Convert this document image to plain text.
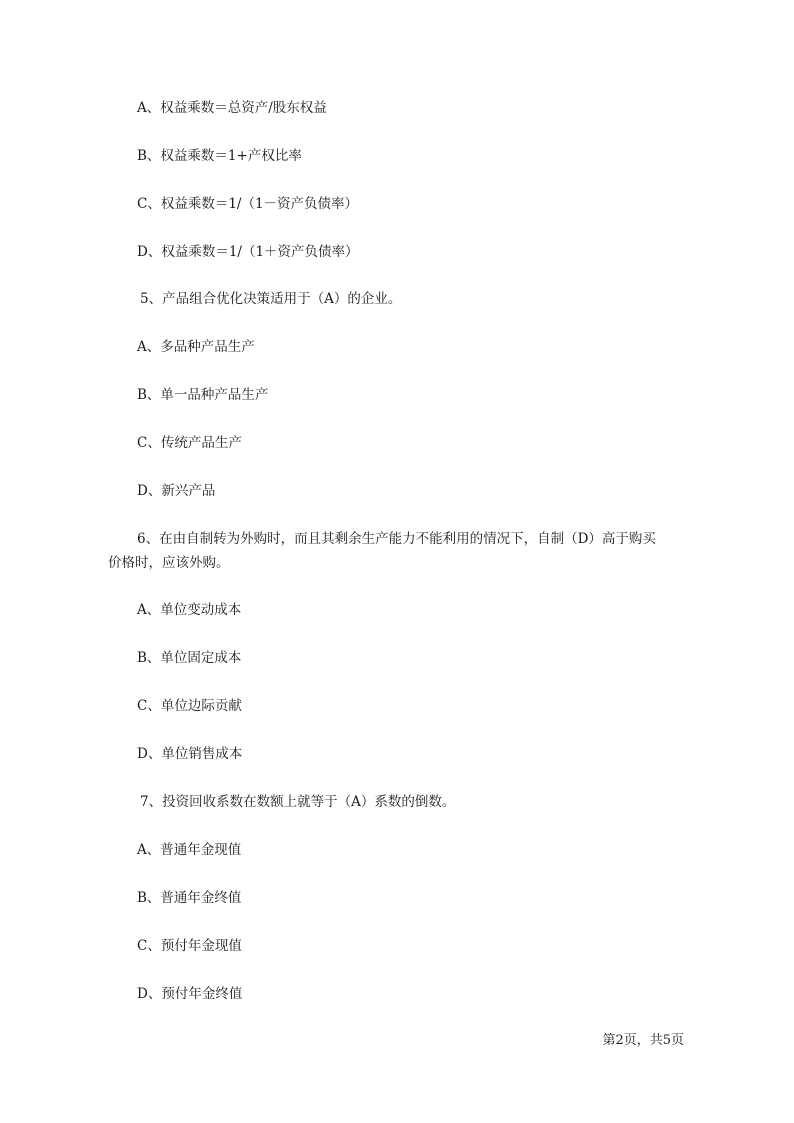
A、权益乘数＝总资产/股东权益
B、权益乘数＝1+产权比率
C、权益乘数＝1/（1－资产负债率）
D、权益乘数＝1/（1＋资产负债率）
5、产品组合优化决策适用于（A）的企业。
A、多品种产品生产
B、单一品种产品生产
C、传统产品生产
D、新兴产品
6、在由自制转为外购时，而且其剩余生产能力不能利用的情况下，自制（D）高于购买
价格时，应该外购。
A、单位变动成本
B、单位固定成本
C、单位边际贡献
D、单位销售成本
7、投资回收系数在数额上就等于（A）系数的倒数。
A、普通年金现值
B、普通年金终值
C、预付年金现值
D、预付年金终值
第2页，共5页
